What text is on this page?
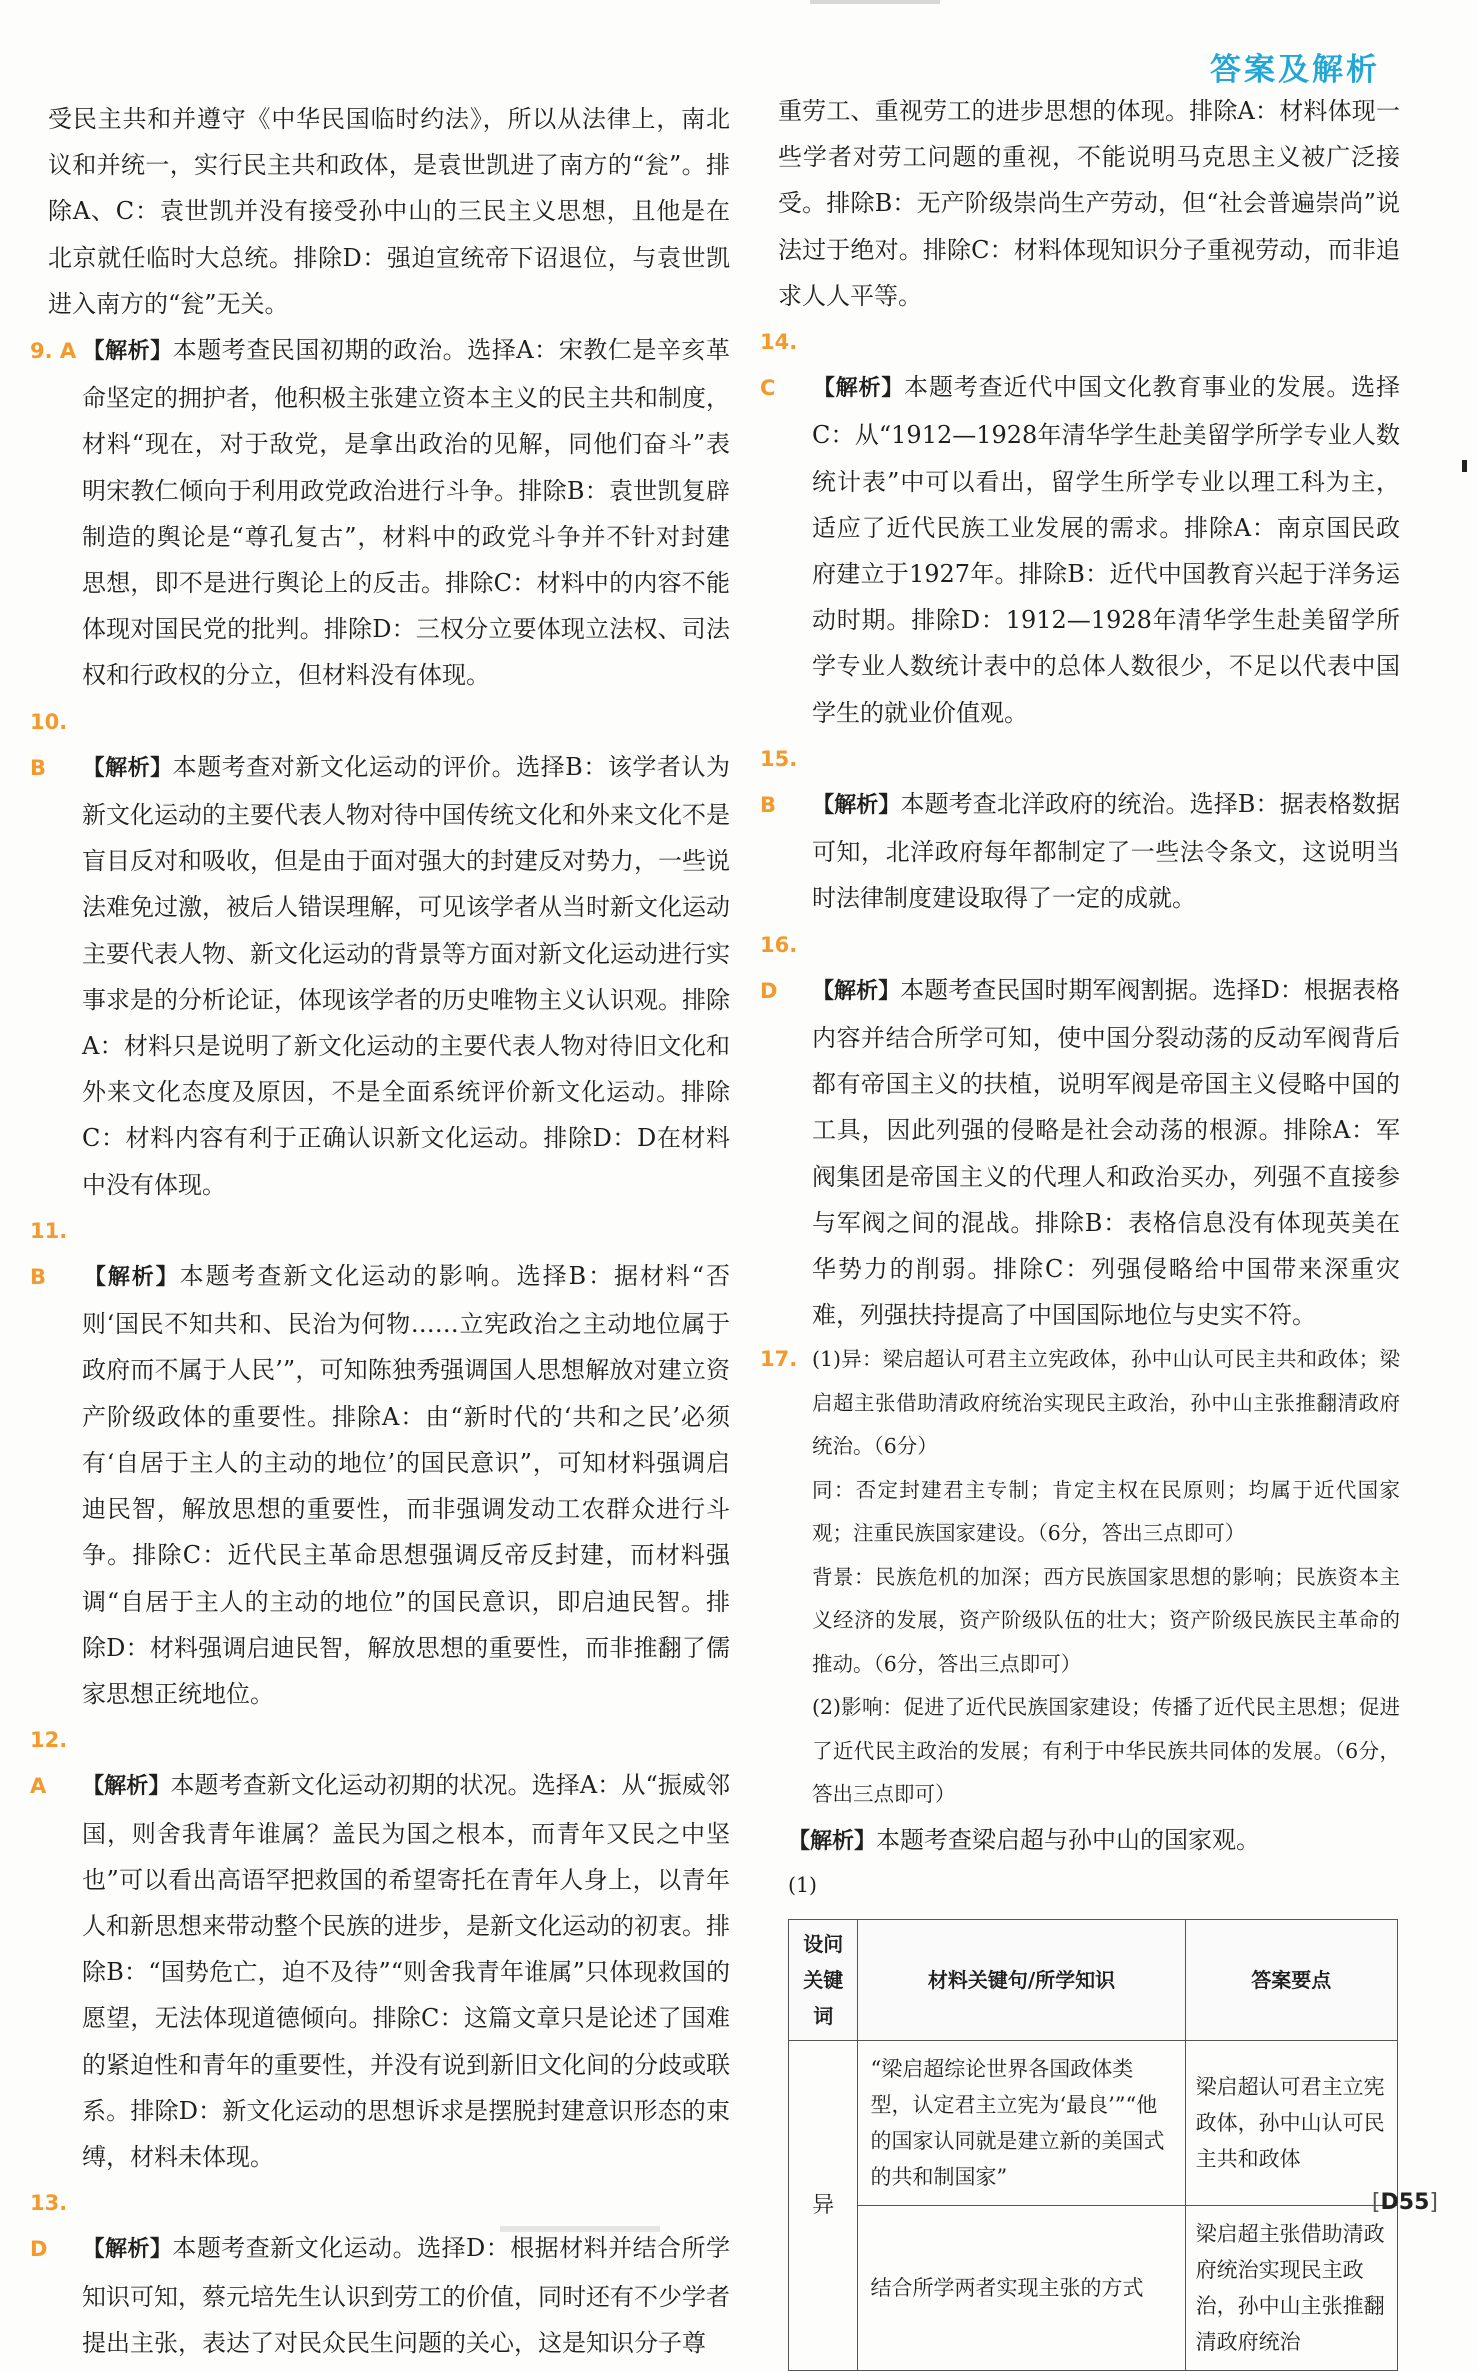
答案及解析
受民主共和并遵守《中华民国临时约法》，所以从法律上，南北议和并统一，实行民主共和政体，是袁世凯进了南方的“瓮”。排除A、C：袁世凯并没有接受孙中山的三民主义思想，且他是在北京就任临时大总统。排除D：强迫宣统帝下诏退位，与袁世凯进入南方的“瓮”无关。
9. A 【解析】本题考查民国初期的政治。选择A：宋教仁是辛亥革命坚定的拥护者，他积极主张建立资本主义的民主共和制度，材料“现在，对于敌党，是拿出政治的见解，同他们奋斗”表明宋教仁倾向于利用政党政治进行斗争。排除B：袁世凯复辟制造的舆论是“尊孔复古”，材料中的政党斗争并不针对封建思想，即不是进行舆论上的反击。排除C：材料中的内容不能体现对国民党的批判。排除D：三权分立要体现立法权、司法权和行政权的分立，但材料没有体现。
10. B 【解析】本题考查对新文化运动的评价。选择B：该学者认为新文化运动的主要代表人物对待中国传统文化和外来文化不是盲目反对和吸收，但是由于面对强大的封建反对势力，一些说法难免过激，被后人错误理解，可见该学者从当时新文化运动主要代表人物、新文化运动的背景等方面对新文化运动进行实事求是的分析论证，体现该学者的历史唯物主义认识观。排除A：材料只是说明了新文化运动的主要代表人物对待旧文化和外来文化态度及原因，不是全面系统评价新文化运动。排除C：材料内容有利于正确认识新文化运动。排除D：D在材料中没有体现。
11. B 【解析】本题考查新文化运动的影响。选择B：据材料“否则‘国民不知共和、民治为何物……立宪政治之主动地位属于政府而不属于人民’”，可知陈独秀强调国人思想解放对建立资产阶级政体的重要性。排除A：由“新时代的‘共和之民’必须有‘自居于主人的主动的地位’的国民意识”，可知材料强调启迪民智，解放思想的重要性，而非强调发动工农群众进行斗争。排除C：近代民主革命思想强调反帝反封建，而材料强调“自居于主人的主动的地位”的国民意识，即启迪民智。排除D：材料强调启迪民智，解放思想的重要性，而非推翻了儒家思想正统地位。
12. A 【解析】本题考查新文化运动初期的状况。选择A：从“振威邻国，则舍我青年谁属？盖民为国之根本，而青年又民之中坚也”可以看出高语罕把救国的希望寄托在青年人身上，以青年人和新思想来带动整个民族的进步，是新文化运动的初衷。排除B：“国势危亡，迫不及待”“则舍我青年谁属”只体现救国的愿望，无法体现道德倾向。排除C：这篇文章只是论述了国难的紧迫性和青年的重要性，并没有说到新旧文化间的分歧或联系。排除D：新文化运动的思想诉求是摆脱封建意识形态的束缚，材料未体现。
13. D 【解析】本题考查新文化运动。选择D：根据材料并结合所学知识可知，蔡元培先生认识到劳工的价值，同时还有不少学者提出主张，表达了对民众民生问题的关心，这是知识分子尊
重劳工、重视劳工的进步思想的体现。排除A：材料体现一些学者对劳工问题的重视，不能说明马克思主义被广泛接受。排除B：无产阶级崇尚生产劳动，但“社会普遍崇尚”说法过于绝对。排除C：材料体现知识分子重视劳动，而非追求人人平等。
14. C 【解析】本题考查近代中国文化教育事业的发展。选择C：从“1912—1928年清华学生赴美留学所学专业人数统计表”中可以看出，留学生所学专业以理工科为主，适应了近代民族工业发展的需求。排除A：南京国民政府建立于1927年。排除B：近代中国教育兴起于洋务运动时期。排除D：1912—1928年清华学生赴美留学所学专业人数统计表中的总体人数很少，不足以代表中国学生的就业价值观。
15. B 【解析】本题考查北洋政府的统治。选择B：据表格数据可知，北洋政府每年都制定了一些法令条文，这说明当时法律制度建设取得了一定的成就。
16. D 【解析】本题考查民国时期军阀割据。选择D：根据表格内容并结合所学可知，使中国分裂动荡的反动军阀背后都有帝国主义的扶植，说明军阀是帝国主义侵略中国的工具，因此列强的侵略是社会动荡的根源。排除A：军阀集团是帝国主义的代理人和政治买办，列强不直接参与军阀之间的混战。排除B：表格信息没有体现英美在华势力的削弱。排除C：列强侵略给中国带来深重灾难，列强扶持提高了中国国际地位与史实不符。
17. (1)异：梁启超认可君主立宪政体，孙中山认可民主共和政体；梁启超主张借助清政府统治实现民主政治，孙中山主张推翻清政府统治。（6分）
同：否定封建君主专制；肯定主权在民原则；均属于近代国家观；注重民族国家建设。（6分，答出三点即可）
背景：民族危机的加深；西方民族国家思想的影响；民族资本主义经济的发展，资产阶级队伍的壮大；资产阶级民族民主革命的推动。（6分，答出三点即可）
(2)影响：促进了近代民族国家建设；传播了近代民主思想；促进了近代民主政治的发展；有利于中华民族共同体的发展。（6分，答出三点即可）
【解析】本题考查梁启超与孙中山的国家观。
(1)
设问关键词	材料关键句/所学知识	答案要点
异	“梁启超综论世界各国政体类型，认定君主立宪为‘最良’”“他的国家认同就是建立新的美国式的共和制国家”	梁启超认可君主立宪政体，孙中山认可民主共和政体
	结合所学两者实现主张的方式	梁启超主张借助清政府统治实现民主政治，孙中山主张推翻清政府统治
[D55]
